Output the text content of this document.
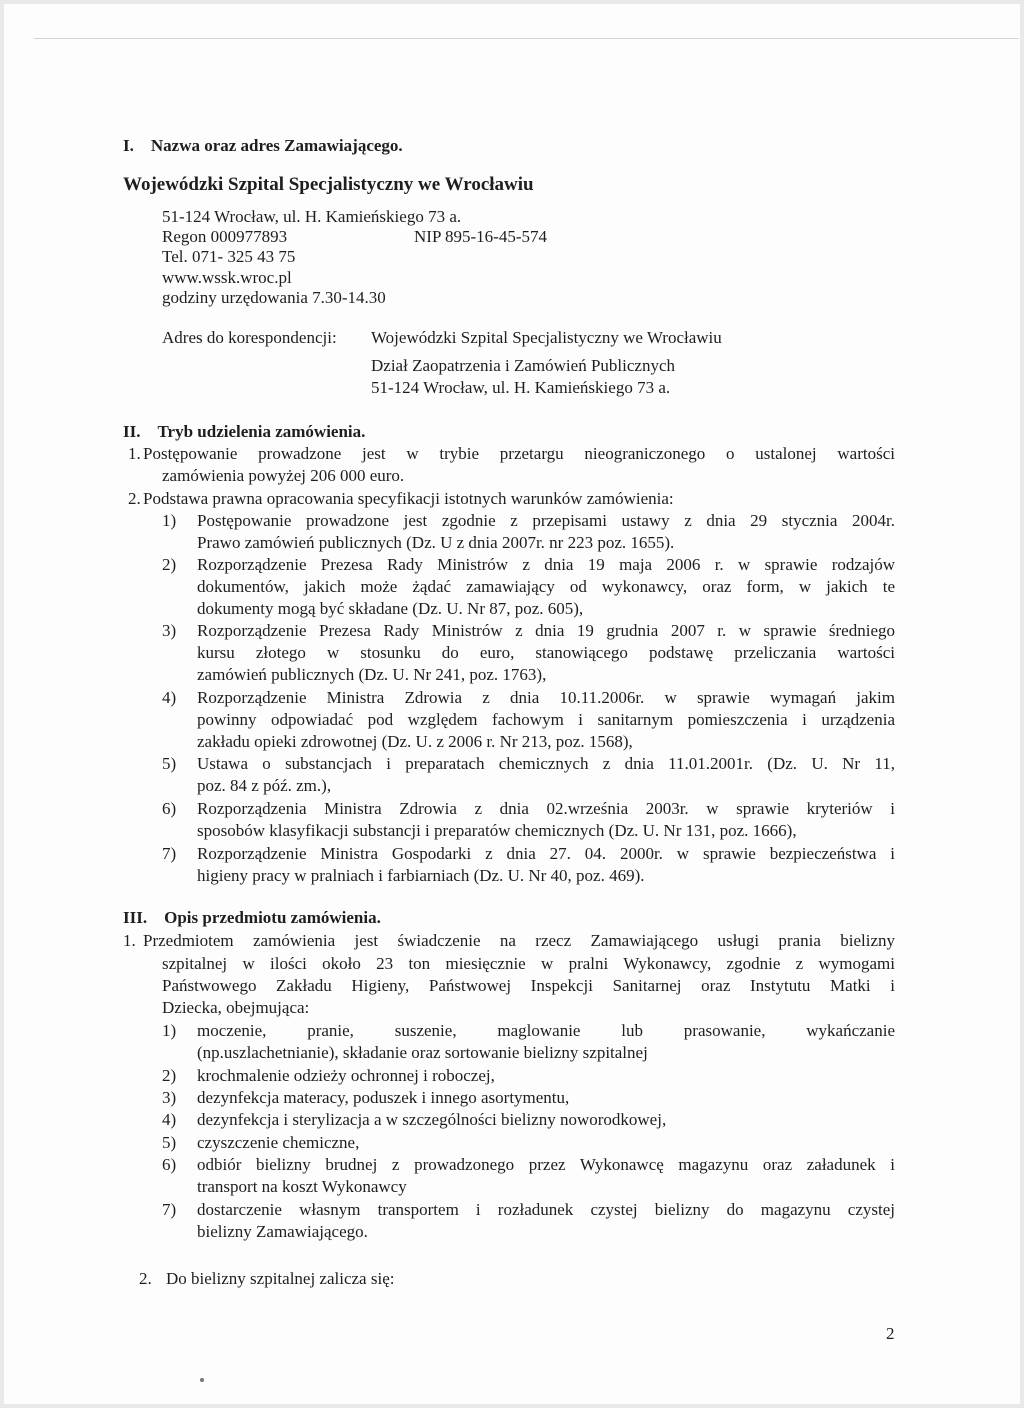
I. Nazwa oraz adres Zamawiającego.
Wojewódzki Szpital Specjalistyczny we Wrocławiu
51-124 Wrocław, ul. H. Kamieńskiego 73 a.
Regon 000977893	NIP 895-16-45-574
Tel. 071- 325 43 75
www.wssk.wroc.pl
godziny urzędowania 7.30-14.30
Adres do korespondencji: Wojewódzki Szpital Specjalistyczny we Wrocławiu
Dział Zaopatrzenia i Zamówień Publicznych
51-124 Wrocław, ul. H. Kamieńskiego 73 a.
II. Tryb udzielenia zamówienia.
1. Postępowanie prowadzone jest w trybie przetargu nieograniczonego o ustalonej wartości
zamówienia powyżej 206 000 euro.
2. Podstawa prawna opracowania specyfikacji istotnych warunków zamówienia:
1) Postępowanie prowadzone jest zgodnie z przepisami ustawy z dnia 29 stycznia 2004r.
Prawo zamówień publicznych (Dz. U z dnia 2007r. nr 223 poz. 1655).
2) Rozporządzenie Prezesa Rady Ministrów z dnia 19 maja 2006 r. w sprawie rodzajów
dokumentów, jakich może żądać zamawiający od wykonawcy, oraz form, w jakich te
dokumenty mogą być składane (Dz. U. Nr 87, poz. 605),
3) Rozporządzenie Prezesa Rady Ministrów z dnia 19 grudnia 2007 r. w sprawie średniego
kursu złotego w stosunku do euro, stanowiącego podstawę przeliczania wartości
zamówień publicznych (Dz. U. Nr 241, poz. 1763),
4) Rozporządzenie Ministra Zdrowia z dnia 10.11.2006r. w sprawie wymagań jakim
powinny odpowiadać pod względem fachowym i sanitarnym pomieszczenia i urządzenia
zakładu opieki zdrowotnej (Dz. U. z 2006 r. Nr 213, poz. 1568),
5) Ustawa o substancjach i preparatach chemicznych z dnia 11.01.2001r. (Dz. U. Nr 11,
poz. 84 z póź. zm.),
6) Rozporządzenia Ministra Zdrowia z dnia 02.września 2003r. w sprawie kryteriów i
sposobów klasyfikacji substancji i preparatów chemicznych (Dz. U. Nr 131, poz. 1666),
7) Rozporządzenie Ministra Gospodarki z dnia 27. 04. 2000r. w sprawie bezpieczeństwa i
higieny pracy w pralniach i farbiarniach (Dz. U. Nr 40, poz. 469).
III. Opis przedmiotu zamówienia.
1. Przedmiotem zamówienia jest świadczenie na rzecz Zamawiającego usługi prania bielizny
szpitalnej w ilości około 23 ton miesięcznie w pralni Wykonawcy, zgodnie z wymogami
Państwowego Zakładu Higieny, Państwowej Inspekcji Sanitarnej oraz Instytutu Matki i
Dziecka, obejmująca:
1) moczenie, pranie, suszenie, maglowanie lub prasowanie, wykańczanie
(np.uszlachetnianie), składanie oraz sortowanie bielizny szpitalnej
2) krochmalenie odzieży ochronnej i roboczej,
3) dezynfekcja materacy, poduszek i innego asortymentu,
4) dezynfekcja i sterylizacja a w szczególności bielizny noworodkowej,
5) czyszczenie chemiczne,
6) odbiór bielizny brudnej z prowadzonego przez Wykonawcę magazynu oraz załadunek i
transport na koszt Wykonawcy
7) dostarczenie własnym transportem i rozładunek czystej bielizny do magazynu czystej
bielizny Zamawiającego.
2. Do bielizny szpitalnej zalicza się:
2
